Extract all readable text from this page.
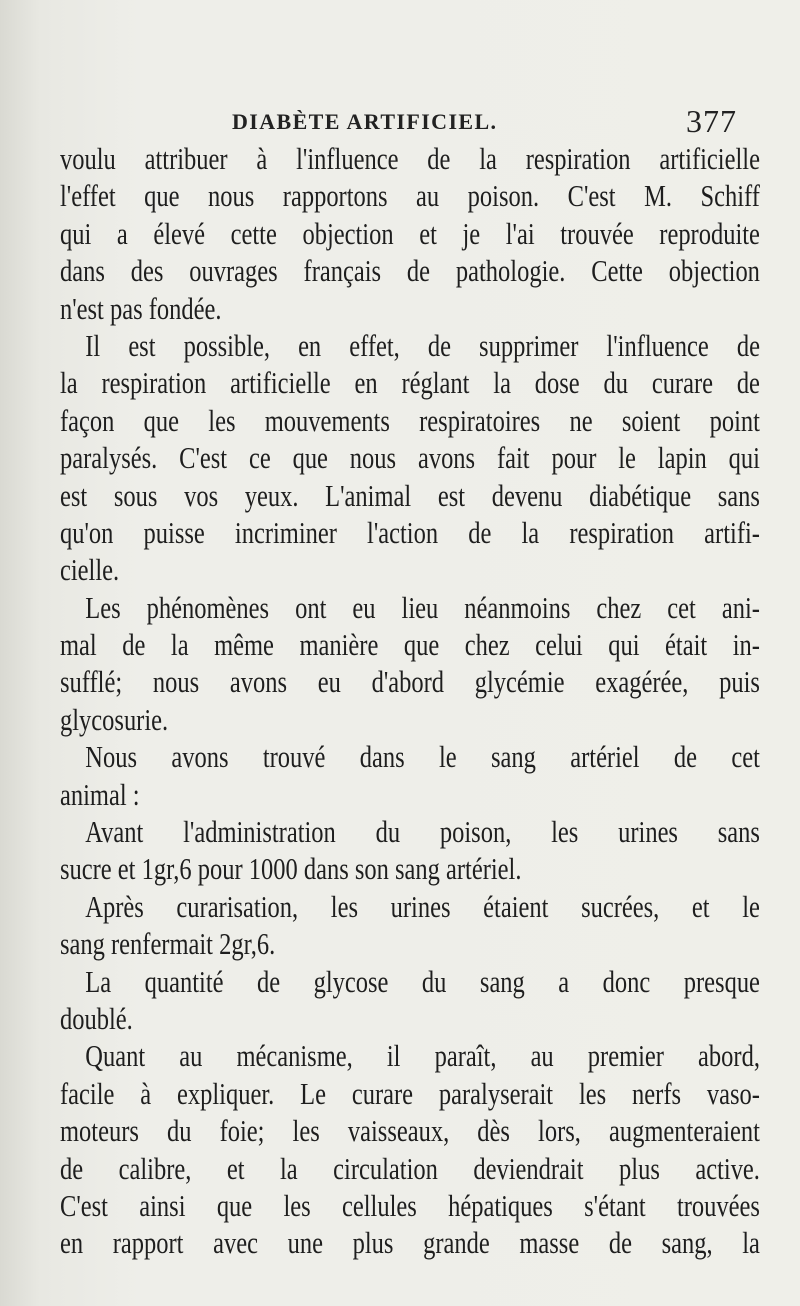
DIABÈTE ARTIFICIEL.	377
voulu attribuer à l'influence de la respiration artificielle
l'effet que nous rapportons au poison. C'est M. Schiff
qui a élevé cette objection et je l'ai trouvée reproduite
dans des ouvrages français de pathologie. Cette objection
n'est pas fondée.
Il est possible, en effet, de supprimer l'influence de
la respiration artificielle en réglant la dose du curare de
façon que les mouvements respiratoires ne soient point
paralysés. C'est ce que nous avons fait pour le lapin qui
est sous vos yeux. L'animal est devenu diabétique sans
qu'on puisse incriminer l'action de la respiration artifi-
cielle.
Les phénomènes ont eu lieu néanmoins chez cet ani-
mal de la même manière que chez celui qui était in-
sufflé; nous avons eu d'abord glycémie exagérée, puis
glycosurie.
Nous avons trouvé dans le sang artériel de cet
animal :
Avant l'administration du poison, les urines sans
sucre et 1gr,6 pour 1000 dans son sang artériel.
Après curarisation, les urines étaient sucrées, et le
sang renfermait 2gr,6.
La quantité de glycose du sang a donc presque
doublé.
Quant au mécanisme, il paraît, au premier abord,
facile à expliquer. Le curare paralyserait les nerfs vaso-
moteurs du foie; les vaisseaux, dès lors, augmenteraient
de calibre, et la circulation deviendrait plus active.
C'est ainsi que les cellules hépatiques s'étant trouvées
en rapport avec une plus grande masse de sang, la
